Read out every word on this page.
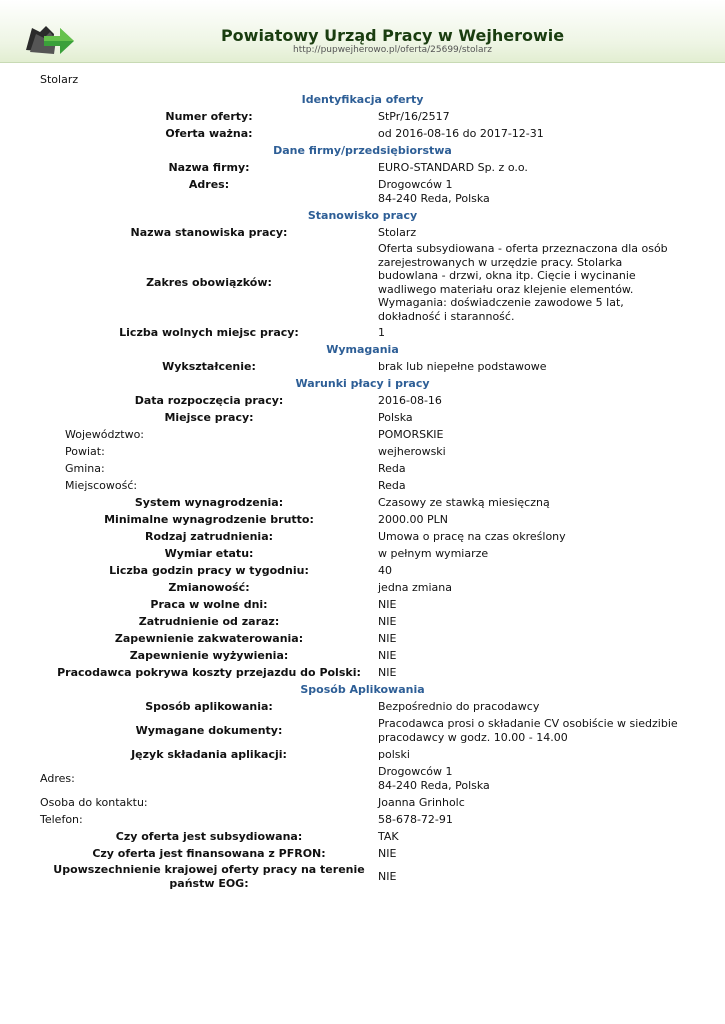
Powiatowy Urząd Pracy w Wejherowie
http://pupwejherowo.pl/oferta/25699/stolarz
Stolarz
Identyfikacja oferty	
Numer oferty:	StPr/16/2517
Oferta ważna:	od 2016-08-16 do 2017-12-31
Dane firmy/przedsiębiorstwa	
Nazwa firmy:	EURO-STANDARD Sp. z o.o.
Adres:	Drogowców 1
84-240 Reda, Polska

Stanowisko pracy	
Nazwa stanowiska pracy:	Stolarz
Zakres obowiązków:	Oferta subsydiowana - oferta przeznaczona dla osób zarejestrowanych w urzędzie pracy. Stolarka budowlana - drzwi, okna itp. Cięcie i wycinanie wadliwego materiału oraz klejenie elementów. Wymagania: doświadczenie zawodowe 5 lat, dokładność i staranność.
Liczba wolnych miejsc pracy:	1
Wymagania	
Wykształcenie:	brak lub niepełne podstawowe
Warunki płacy i pracy	
Data rozpoczęcia pracy:	2016-08-16
Miejsce pracy:	Polska
Województwo:	POMORSKIE
Powiat:	wejherowski
Gmina:	Reda
Miejscowość:	Reda
System wynagrodzenia:	Czasowy ze stawką miesięczną
Minimalne wynagrodzenie brutto:	2000.00 PLN
Rodzaj zatrudnienia:	Umowa o pracę na czas określony
Wymiar etatu:	w pełnym wymiarze
Liczba godzin pracy w tygodniu:	40
Zmianowość:	jedna zmiana
Praca w wolne dni:	NIE
Zatrudnienie od zaraz:	NIE
Zapewnienie zakwaterowania:	NIE
Zapewnienie wyżywienia:	NIE
Pracodawca pokrywa koszty przejazdu do Polski:	NIE
Sposób Aplikowania	
Sposób aplikowania:	Bezpośrednio do pracodawcy
Wymagane dokumenty:	Pracodawca prosi o składanie CV osobiście w siedzibie pracodawcy w godz. 10.00 - 14.00
Język składania aplikacji:	polski
Adres:	Drogowców 1
84-240 Reda, Polska

Osoba do kontaktu:	Joanna Grinholc
Telefon:	58-678-72-91
Czy oferta jest subsydiowana:	TAK
Czy oferta jest finansowana z PFRON:	NIE
Upowszechnienie krajowej oferty pracy na terenie państw EOG:	NIE
